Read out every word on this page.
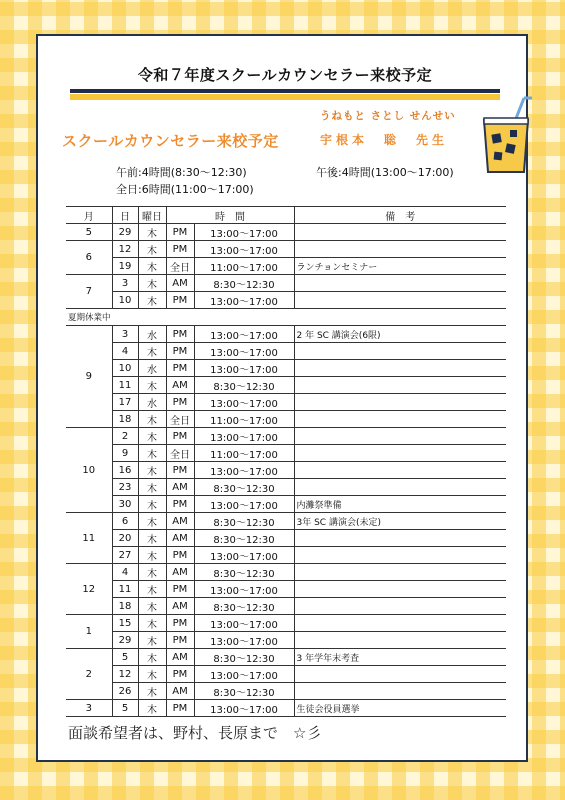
令和７年度スクールカウンセラー来校予定
うねもと さとし せんせい
スクールカウンセラー来校予定	宇根本　聡　先生
午前:4時間(8:30～12:30)	午後:4時間(13:00～17:00)
全日:6時間(11:00～17:00)
月	日	曜日	時　間		備　考
5	29	木	PM	13:00～17:00	
6	12	木	PM	13:00～17:00	
	19	木	全日	11:00～17:00	ランチョンセミナー
7	3	木	AM	8:30～12:30	
	10	木	PM	13:00～17:00	
夏期休業中					
9	3	水	PM	13:00～17:00	2 年 SC 講演会(6限)
	4	木	PM	13:00～17:00	
	10	水	PM	13:00～17:00	
	11	木	AM	8:30～12:30	
	17	水	PM	13:00～17:00	
	18	木	全日	11:00～17:00	
10	2	木	PM	13:00～17:00	
	9	木	全日	11:00～17:00	
	16	木	PM	13:00～17:00	
	23	木	AM	8:30～12:30	
	30	木	PM	13:00～17:00	内灘祭準備
11	6	木	AM	8:30～12:30	3年 SC 講演会(未定)
	20	木	AM	8:30～12:30	
	27	木	PM	13:00～17:00	
12	4	木	AM	8:30～12:30	
	11	木	PM	13:00～17:00	
	18	木	AM	8:30～12:30	
1	15	木	PM	13:00～17:00	
	29	木	PM	13:00～17:00	
2	5	木	AM	8:30～12:30	3 年学年末考査
	12	木	PM	13:00～17:00	
	26	木	AM	8:30～12:30	
3	5	木	PM	13:00～17:00	生徒会役員選挙
面談希望者は、野村、長原まで　☆彡
